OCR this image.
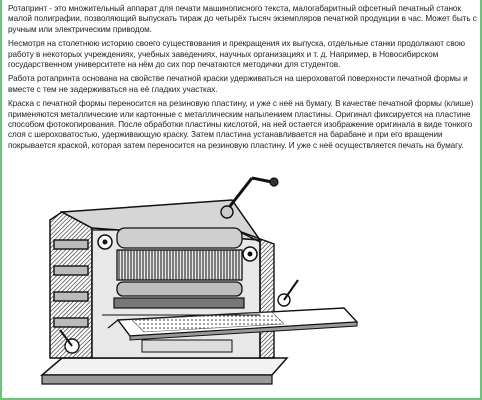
Ротапринт - это множительный аппарат для печати машинописного текста, малогабаритный офсетный печатный станок малой полиграфии, позволяющий выпускать тираж до четырёх тысяч экземпляров печатной продукции в час. Может быть с ручным или электрическим приводом.

Несмотря на столетнюю историю своего существования и прекращения их выпуска, отдельные станки продолжают свою работу в некоторых учреждениях, учебных заведениях, научных организациях и т. д. Например, в Новосибирском государственном университете на нём до сих пор печатаются методички для студентов.

Работа ротапринта основана на свойстве печатной краски удерживаться на шероховатой поверхности печатной формы и вместе с тем не задерживаться на её гладких участках.

Краска с печатной формы переносится на резиновую пластину, и уже с неё на бумагу. В качестве печатной формы (клише) применяются металлические или картонные с металлическим напылением пластины. Оригинал фиксируется на пластине способом фотокопирования. После обработки пластины кислотой, на ней остается изображение оригинала в виде тонкого слоя с шероховатостью, удерживающую краску. Затем пластина устанавливается на барабане и при его вращении покрывается краской, которая затем переносится на резиновую пластину. И уже с неё осуществляется печать на бумагу.
